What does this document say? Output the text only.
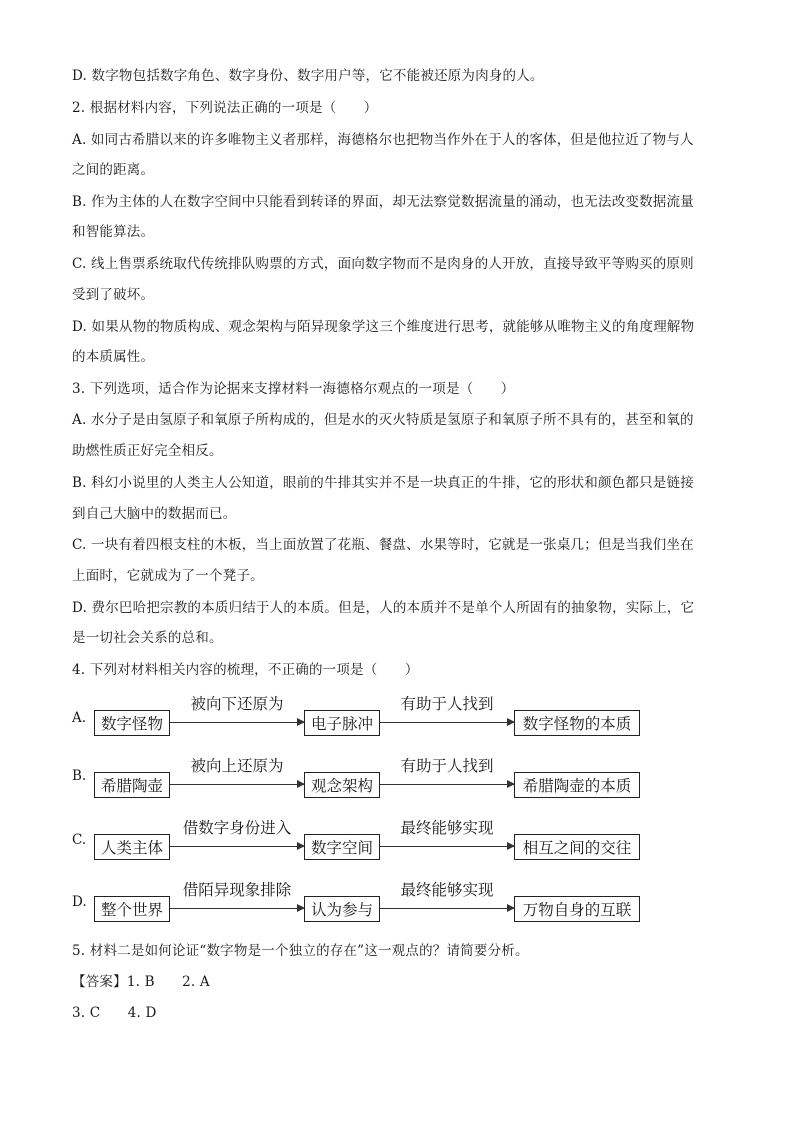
D. 数字物包括数字角色、数字身份、数字用户等，它不能被还原为肉身的人。
2. 根据材料内容，下列说法正确的一项是（　　）
A. 如同古希腊以来的许多唯物主义者那样，海德格尔也把物当作外在于人的客体，但是他拉近了物与人
之间的距离。
B. 作为主体的人在数字空间中只能看到转译的界面，却无法察觉数据流量的涌动，也无法改变数据流量
和智能算法。
C. 线上售票系统取代传统排队购票的方式，面向数字物而不是肉身的人开放，直接导致平等购买的原则
受到了破坏。
D. 如果从物的物质构成、观念架构与陌异现象学这三个维度进行思考，就能够从唯物主义的角度理解物
的本质属性。
3. 下列选项，适合作为论据来支撑材料一海德格尔观点的一项是（　　）
A. 水分子是由氢原子和氧原子所构成的，但是水的灭火特质是氢原子和氧原子所不具有的，甚至和氧的
助燃性质正好完全相反。
B. 科幻小说里的人类主人公知道，眼前的牛排其实并不是一块真正的牛排，它的形状和颜色都只是链接
到自己大脑中的数据而已。
C. 一块有着四根支柱的木板，当上面放置了花瓶、餐盘、水果等时，它就是一张桌几；但是当我们坐在
上面时，它就成为了一个凳子。
D. 费尔巴哈把宗教的本质归结于人的本质。但是，人的本质并不是单个人所固有的抽象物，实际上，它
是一切社会关系的总和。
4. 下列对材料相关内容的梳理，不正确的一项是（　　）
A. 数字怪物
被向下还原为
电子脉冲
有助于人找到
数字怪物的本质
B.
希腊陶壶
被向上还原为
观念架构
有助于人找到
希腊陶壶的本质
C. 人类主体
借数字身份进入
数字空间
最终能够实现
相互之间的交往
D. 整个世界
借陌异现象排除
认为参与
最终能够实现
万物自身的互联
5. 材料二是如何论证“数字物是一个独立的存在”这一观点的？请简要分析。
【答案】1. B　　2. A
3. C　　4. D
